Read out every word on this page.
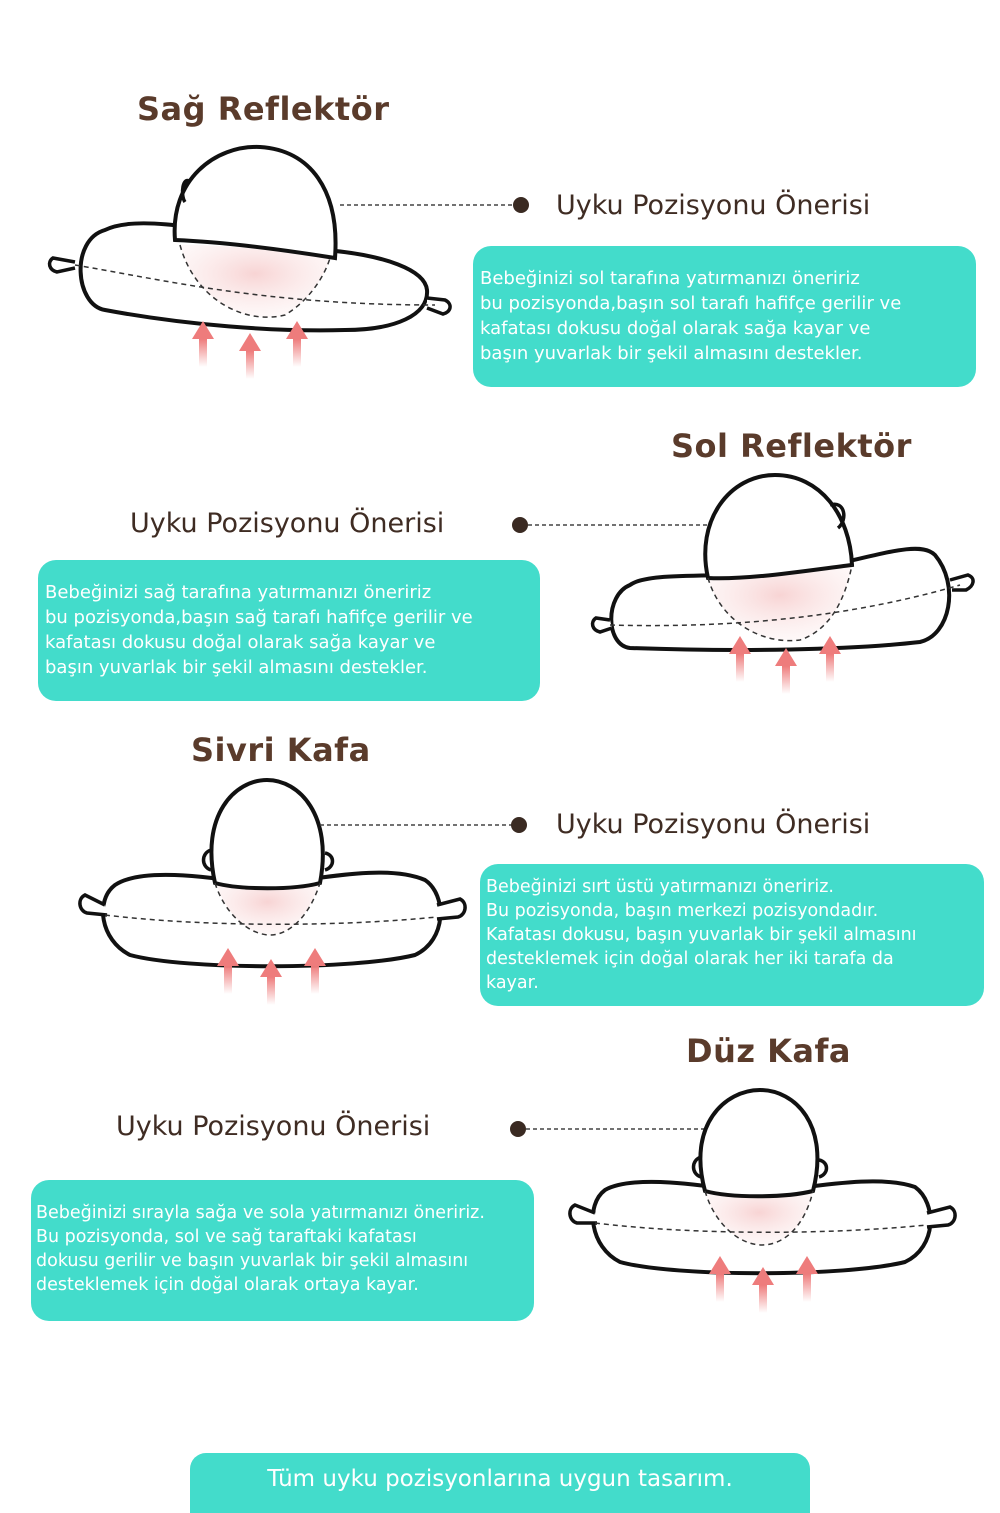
Sağ Reflektör
Uyku Pozisyonu Önerisi

Bebeğinizi sol tarafına yatırmanızı öneririz
bu pozisyonda,başın sol tarafı hafifçe gerilir ve
kafatası dokusu doğal olarak sağa kayar ve
başın yuvarlak bir şekil almasını destekler.

Sol Reflektör
Uyku Pozisyonu Önerisi

Bebeğinizi sağ tarafına yatırmanızı öneririz
bu pozisyonda,başın sağ tarafı hafifçe gerilir ve
kafatası dokusu doğal olarak sağa kayar ve
başın yuvarlak bir şekil almasını destekler.

Sivri Kafa
Uyku Pozisyonu Önerisi

Bebeğinizi sırt üstü yatırmanızı öneririz.
Bu pozisyonda, başın merkezi pozisyondadır.
Kafatası dokusu, başın yuvarlak bir şekil almasını
desteklemek için doğal olarak her iki tarafa da
kayar.

Düz Kafa
Uyku Pozisyonu Önerisi

Bebeğinizi sırayla sağa ve sola yatırmanızı öneririz.
Bu pozisyonda, sol ve sağ taraftaki kafatası
dokusu gerilir ve başın yuvarlak bir şekil almasını
desteklemek için doğal olarak ortaya kayar.

Tüm uyku pozisyonlarına uygun tasarım.
